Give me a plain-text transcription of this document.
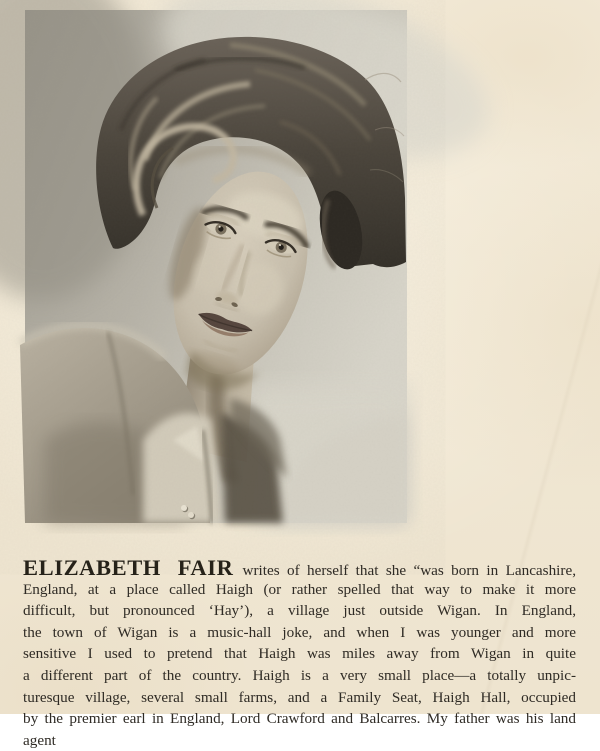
ELIZABETH FAIR writes of herself that she “was born in Lancashire,
England, at a place called Haigh (or rather spelled that way to make it more
difficult, but pronounced ‘Hay’), a village just outside Wigan. In England,
the town of Wigan is a music-hall joke, and when I was younger and more
sensitive I used to pretend that Haigh was miles away from Wigan in quite
a different part of the country. Haigh is a very small place—a totally unpic-
turesque village, several small farms, and a Family Seat, Haigh Hall, occupied
by the premier earl in England, Lord Crawford and Balcarres. My father was his land agent
